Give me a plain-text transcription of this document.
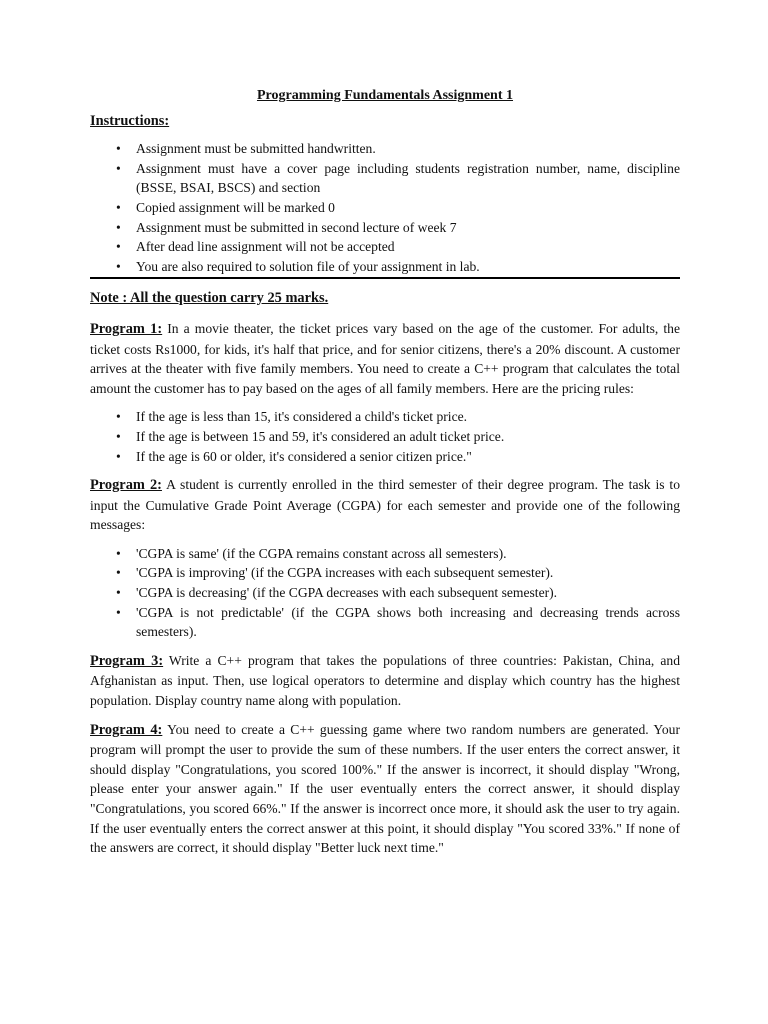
Programming Fundamentals Assignment 1
Instructions:
• Assignment must be submitted handwritten.
• Assignment must have a cover page including students registration number, name, discipline (BSSE, BSAI, BSCS) and section
• Copied assignment will be marked 0
• Assignment must be submitted in second lecture of week 7
• After dead line assignment will not be accepted
• You are also required to solution file of your assignment in lab.
Note : All the question carry 25 marks.

Program 1: In a movie theater, the ticket prices vary based on the age of the customer. For adults, the ticket costs Rs1000, for kids, it's half that price, and for senior citizens, there's a 20% discount. A customer arrives at the theater with five family members. You need to create a C++ program that calculates the total amount the customer has to pay based on the ages of all family members. Here are the pricing rules:

• If the age is less than 15, it's considered a child's ticket price.
• If the age is between 15 and 59, it's considered an adult ticket price.
• If the age is 60 or older, it's considered a senior citizen price."

Program 2: A student is currently enrolled in the third semester of their degree program. The task is to input the Cumulative Grade Point Average (CGPA) for each semester and provide one of the following messages:

• 'CGPA is same' (if the CGPA remains constant across all semesters).
• 'CGPA is improving' (if the CGPA increases with each subsequent semester).
• 'CGPA is decreasing' (if the CGPA decreases with each subsequent semester).
• 'CGPA is not predictable' (if the CGPA shows both increasing and decreasing trends across semesters).

Program 3: Write a C++ program that takes the populations of three countries: Pakistan, China, and Afghanistan as input. Then, use logical operators to determine and display which country has the highest population. Display country name along with population.

Program 4: You need to create a C++ guessing game where two random numbers are generated. Your program will prompt the user to provide the sum of these numbers. If the user enters the correct answer, it should display "Congratulations, you scored 100%." If the answer is incorrect, it should display "Wrong, please enter your answer again." If the user eventually enters the correct answer, it should display "Congratulations, you scored 66%." If the answer is incorrect once more, it should ask the user to try again. If the user eventually enters the correct answer at this point, it should display "You scored 33%." If none of the answers are correct, it should display "Better luck next time."
